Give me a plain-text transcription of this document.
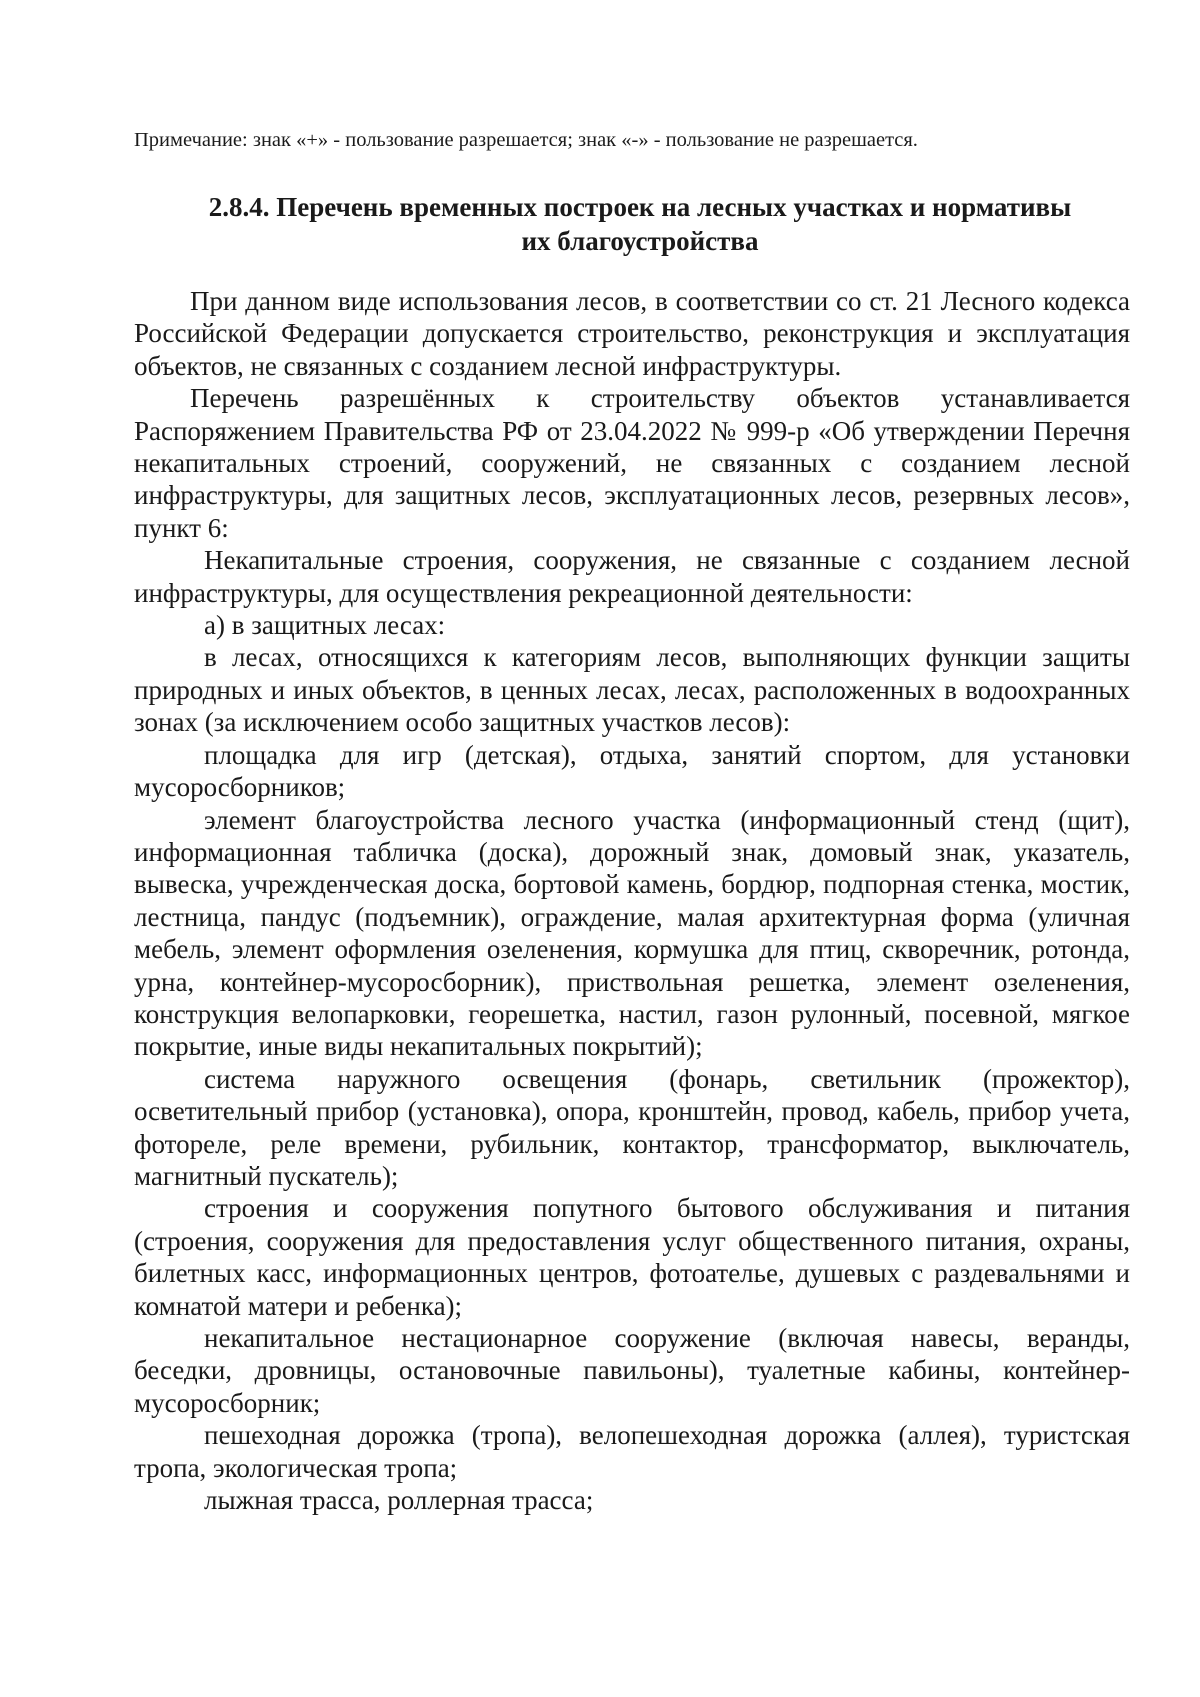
Примечание: знак «+» - пользование разрешается; знак «-» - пользование не разрешается.
2.8.4. Перечень временных построек на лесных участках и нормативы
их благоустройства

При данном виде использования лесов, в соответствии со ст. 21 Лесного кодекса Российской Федерации допускается строительство, реконструкция и эксплуатация объектов, не связанных с созданием лесной инфраструктуры.

Перечень разрешённых к строительству объектов устанавливается Распоряжением Правительства РФ от 23.04.2022 № 999-р «Об утверждении Перечня некапитальных строений, сооружений, не связанных с созданием лесной инфраструктуры, для защитных лесов, эксплуатационных лесов, резервных лесов», пункт 6:

Некапитальные строения, сооружения, не связанные с созданием лесной инфраструктуры, для осуществления рекреационной деятельности:

а) в защитных лесах:

в лесах, относящихся к категориям лесов, выполняющих функции защиты природных и иных объектов, в ценных лесах, лесах, расположенных в водоохранных зонах (за исключением особо защитных участков лесов):

площадка для игр (детская), отдыха, занятий спортом, для установки мусоросборников;

элемент благоустройства лесного участка (информационный стенд (щит), информационная табличка (доска), дорожный знак, домовый знак, указатель, вывеска, учрежденческая доска, бортовой камень, бордюр, подпорная стенка, мостик, лестница, пандус (подъемник), ограждение, малая архитектурная форма (уличная мебель, элемент оформления озеленения, кормушка для птиц, скворечник, ротонда, урна, контейнер-мусоросборник), приствольная решетка, элемент озеленения, конструкция велопарковки, георешетка, настил, газон рулонный, посевной, мягкое покрытие, иные виды некапитальных покрытий);

система наружного освещения (фонарь, светильник (прожектор), осветительный прибор (установка), опора, кронштейн, провод, кабель, прибор учета, фотореле, реле времени, рубильник, контактор, трансформатор, выключатель, магнитный пускатель);

строения и сооружения попутного бытового обслуживания и питания (строения, сооружения для предоставления услуг общественного питания, охраны, билетных касс, информационных центров, фотоателье, душевых с раздевальнями и комнатой матери и ребенка);

некапитальное нестационарное сооружение (включая навесы, веранды, беседки, дровницы, остановочные павильоны), туалетные кабины, контейнер-мусоросборник;

пешеходная дорожка (тропа), велопешеходная дорожка (аллея), туристская тропа, экологическая тропа;

лыжная трасса, роллерная трасса;
